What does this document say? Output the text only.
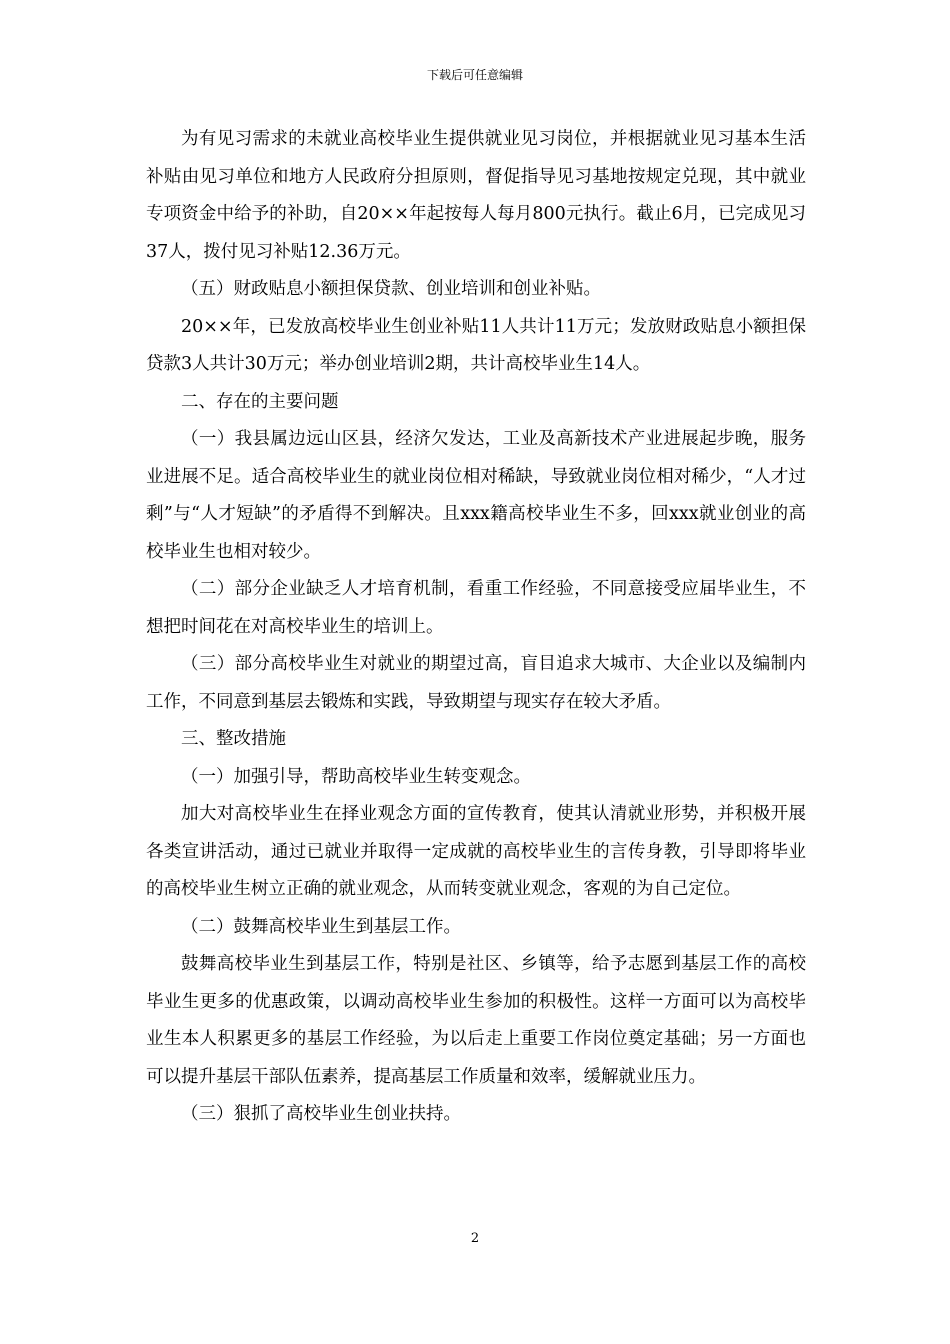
下载后可任意编辑

为有见习需求的未就业高校毕业生提供就业见习岗位，并根据就业见习基本生活补贴由见习单位和地方人民政府分担原则，督促指导见习基地按规定兑现，其中就业专项资金中给予的补助，自20××年起按每人每月800元执行。截止6月，已完成见习37人，拨付见习补贴12.36万元。

（五）财政贴息小额担保贷款、创业培训和创业补贴。

20××年，已发放高校毕业生创业补贴11人共计11万元；发放财政贴息小额担保贷款3人共计30万元；举办创业培训2期，共计高校毕业生14人。

二、存在的主要问题

（一）我县属边远山区县，经济欠发达，工业及高新技术产业进展起步晚，服务业进展不足。适合高校毕业生的就业岗位相对稀缺，导致就业岗位相对稀少，“人才过剩”与“人才短缺”的矛盾得不到解决。且xxx籍高校毕业生不多，回xxx就业创业的高校毕业生也相对较少。

（二）部分企业缺乏人才培育机制，看重工作经验，不同意接受应届毕业生，不想把时间花在对高校毕业生的培训上。

（三）部分高校毕业生对就业的期望过高，盲目追求大城市、大企业以及编制内工作，不同意到基层去锻炼和实践，导致期望与现实存在较大矛盾。

三、整改措施

（一）加强引导，帮助高校毕业生转变观念。

加大对高校毕业生在择业观念方面的宣传教育，使其认清就业形势，并积极开展各类宣讲活动，通过已就业并取得一定成就的高校毕业生的言传身教，引导即将毕业的高校毕业生树立正确的就业观念，从而转变就业观念，客观的为自己定位。

（二）鼓舞高校毕业生到基层工作。

鼓舞高校毕业生到基层工作，特别是社区、乡镇等，给予志愿到基层工作的高校毕业生更多的优惠政策，以调动高校毕业生参加的积极性。这样一方面可以为高校毕业生本人积累更多的基层工作经验，为以后走上重要工作岗位奠定基础；另一方面也可以提升基层干部队伍素养，提高基层工作质量和效率，缓解就业压力。

（三）狠抓了高校毕业生创业扶持。

2
